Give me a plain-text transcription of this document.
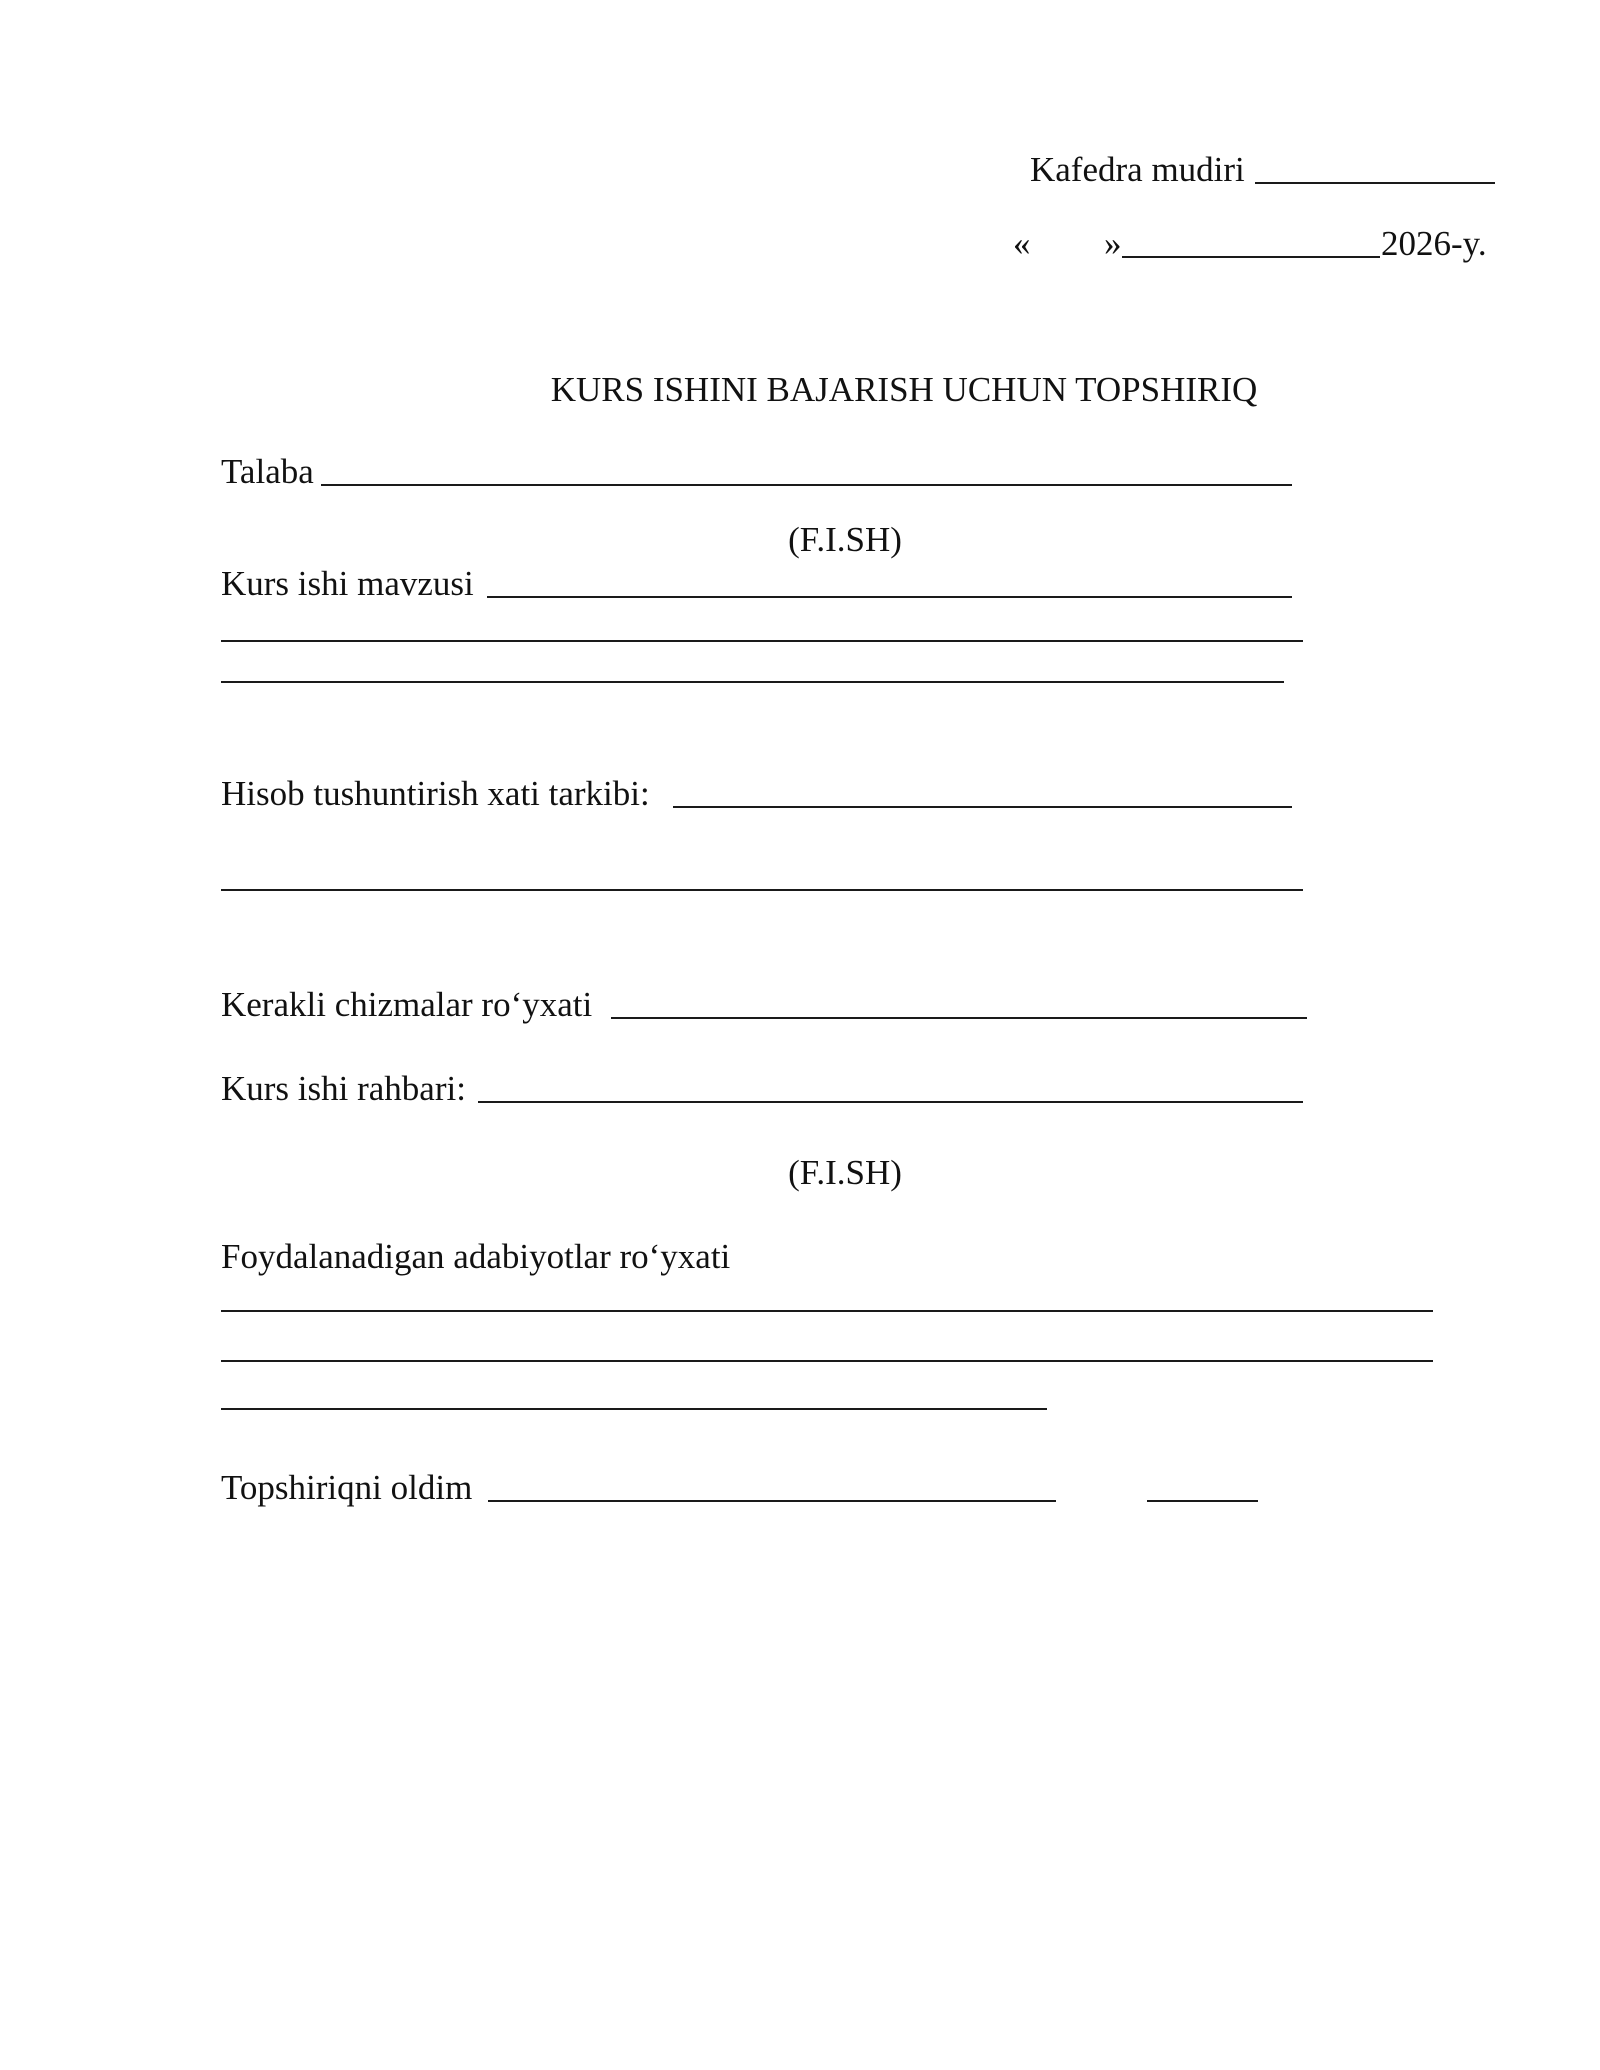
Kafedra mudiri
« »	2026-y.
KURS ISHINI BAJARISH UCHUN TOPSHIRIQ
Talaba
(F.I.SH)
Kurs ishi mavzusi
Hisob tushuntirish xati tarkibi:
Kerakli chizmalar ro‘yxati
Kurs ishi rahbari:
(F.I.SH)
Foydalanadigan adabiyotlar ro‘yxati
Topshiriqni oldim
